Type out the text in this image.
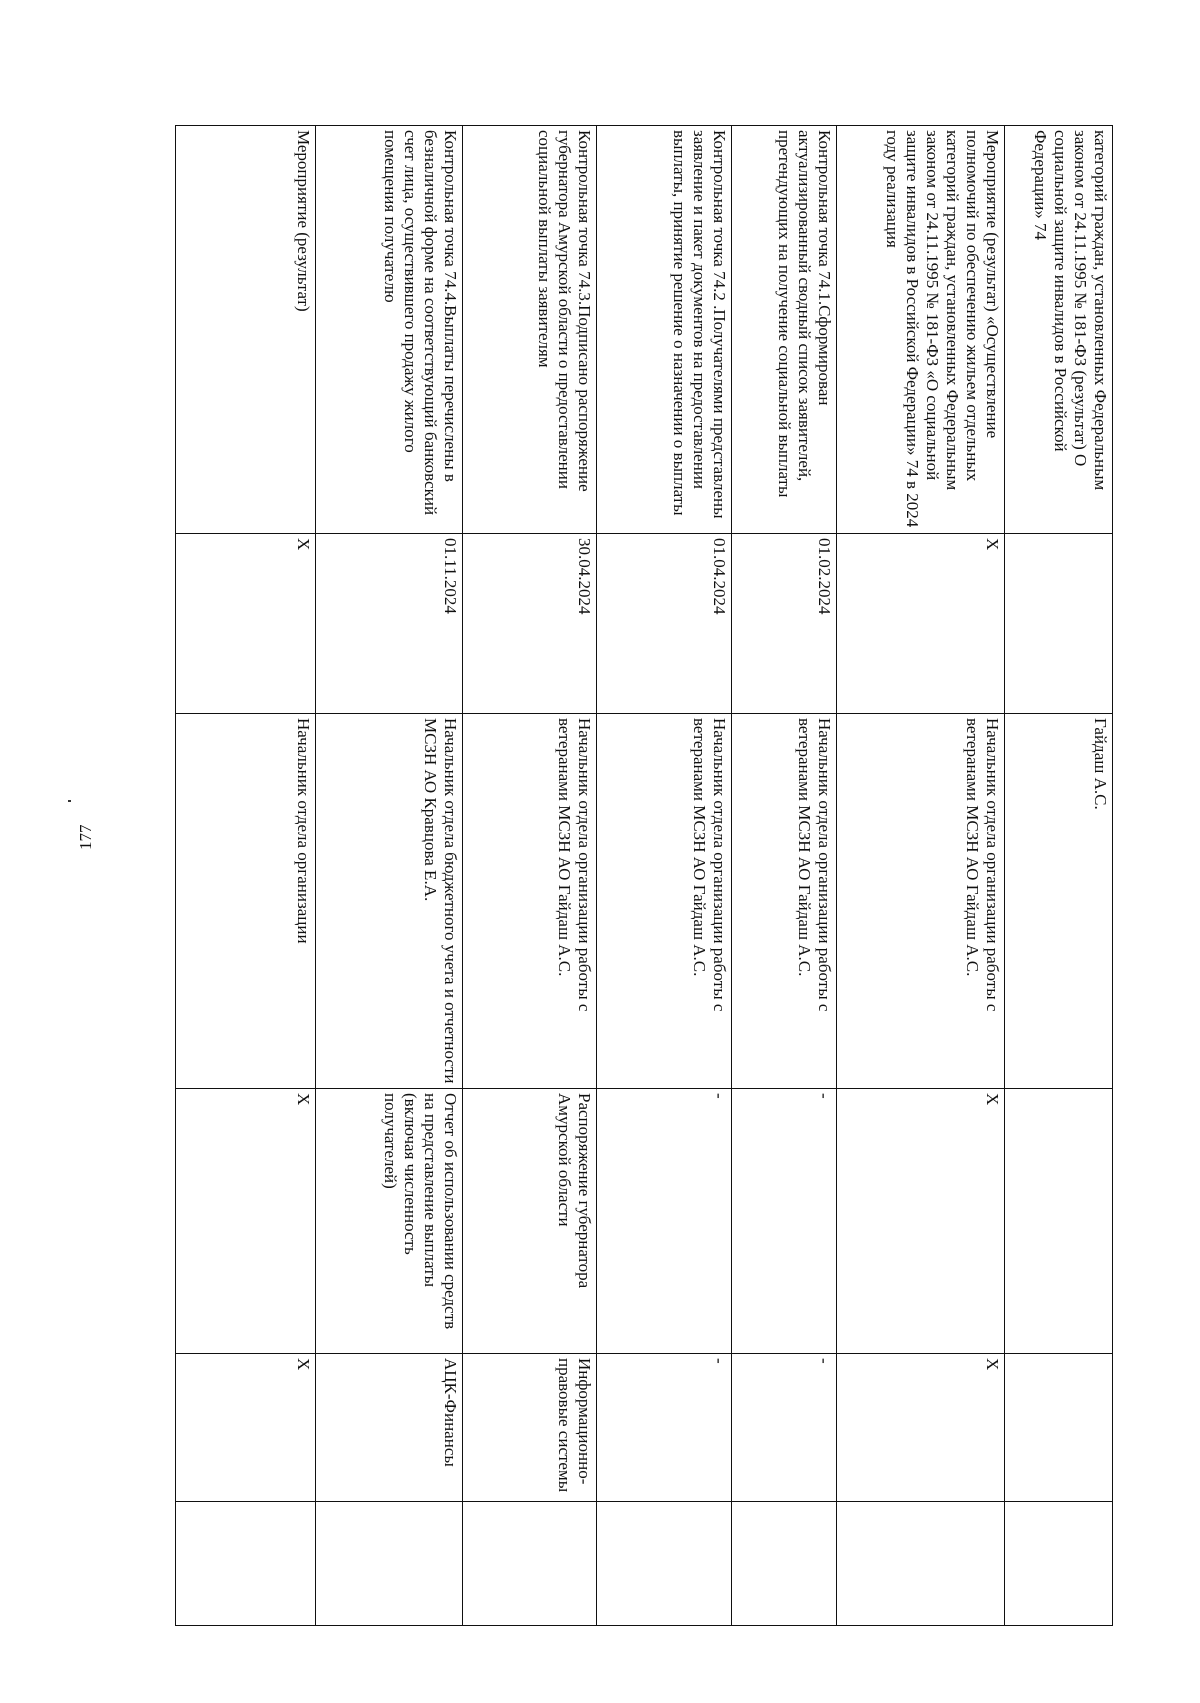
177
категорий граждан, установленных Федеральным законом от 24.11.1995 № 181-ФЗ (результат) О социальной защите инвалидов в Российской Федерации» 74		Гайдаш А.С.			
Мероприятие (результат) «Осуществление полномочий по обеспечению жильем отдельных категорий граждан, установленных Федеральным законом от 24.11.1995 № 181-ФЗ «О социальной защите инвалидов в Российской Федерации» 74 в 2024 году реализация	X	Начальник отдела организации работы с ветеранами МСЗН АО Гайдаш А.С.	X	X	
Контрольная точка 74.1.Сформирован актуализированный сводный список заявителей, претендующих на получение социальной выплаты	01.02.2024	Начальник отдела организации работы с ветеранами МСЗН АО Гайдаш А.С.	-	-	
Контрольная точка 74.2 .Получателями представлены заявление и пакет документов на предоставлении выплаты, принятие решение о назначении о выплаты	01.04.2024	Начальник отдела организации работы с ветеранами МСЗН АО Гайдаш А.С.	-	-	
Контрольная точка 74.3.Подписано распоряжение губернатора Амурской области о предоставлении социальной выплаты заявителям	30.04.2024	Начальник отдела организации работы с ветеранами МСЗН АО Гайдаш А.С.	Распоряжение губернатора Амурской области	Информационно-правовые системы	
Контрольная точка 74.4.Выплаты перечислены в безналичной форме на соответствующий банковский счет лица, осуществившего продажу жилого помещения получателю	01.11.2024	Начальник отдела бюджетного учета и отчетности МСЗН АО Кравцова Е.А.	Отчет об использовании средств на представление выплаты (включая численность получателей)	АЦК-Финансы	
Мероприятие (результат)	X	Начальник отдела организации	X	X	
